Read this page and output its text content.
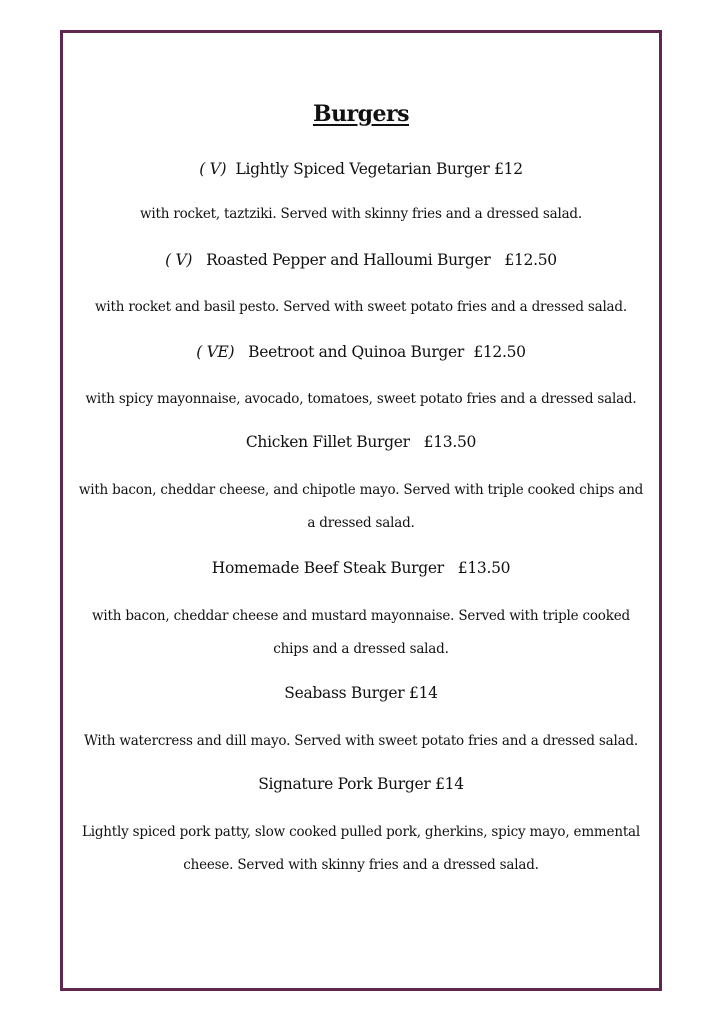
Burgers
( V) Lightly Spiced Vegetarian Burger £12
with rocket, taztziki. Served with skinny fries and a dressed salad.
( V) Roasted Pepper and Halloumi Burger £12.50
with rocket and basil pesto. Served with sweet potato fries and a dressed salad.
( VE) Beetroot and Quinoa Burger £12.50
with spicy mayonnaise, avocado, tomatoes, sweet potato fries and a dressed salad.
Chicken Fillet Burger £13.50
with bacon, cheddar cheese, and chipotle mayo. Served with triple cooked chips and a dressed salad.
Homemade Beef Steak Burger £13.50
with bacon, cheddar cheese and mustard mayonnaise. Served with triple cooked chips and a dressed salad.
Seabass Burger £14
With watercress and dill mayo. Served with sweet potato fries and a dressed salad.
Signature Pork Burger £14
Lightly spiced pork patty, slow cooked pulled pork, gherkins, spicy mayo, emmental cheese. Served with skinny fries and a dressed salad.
